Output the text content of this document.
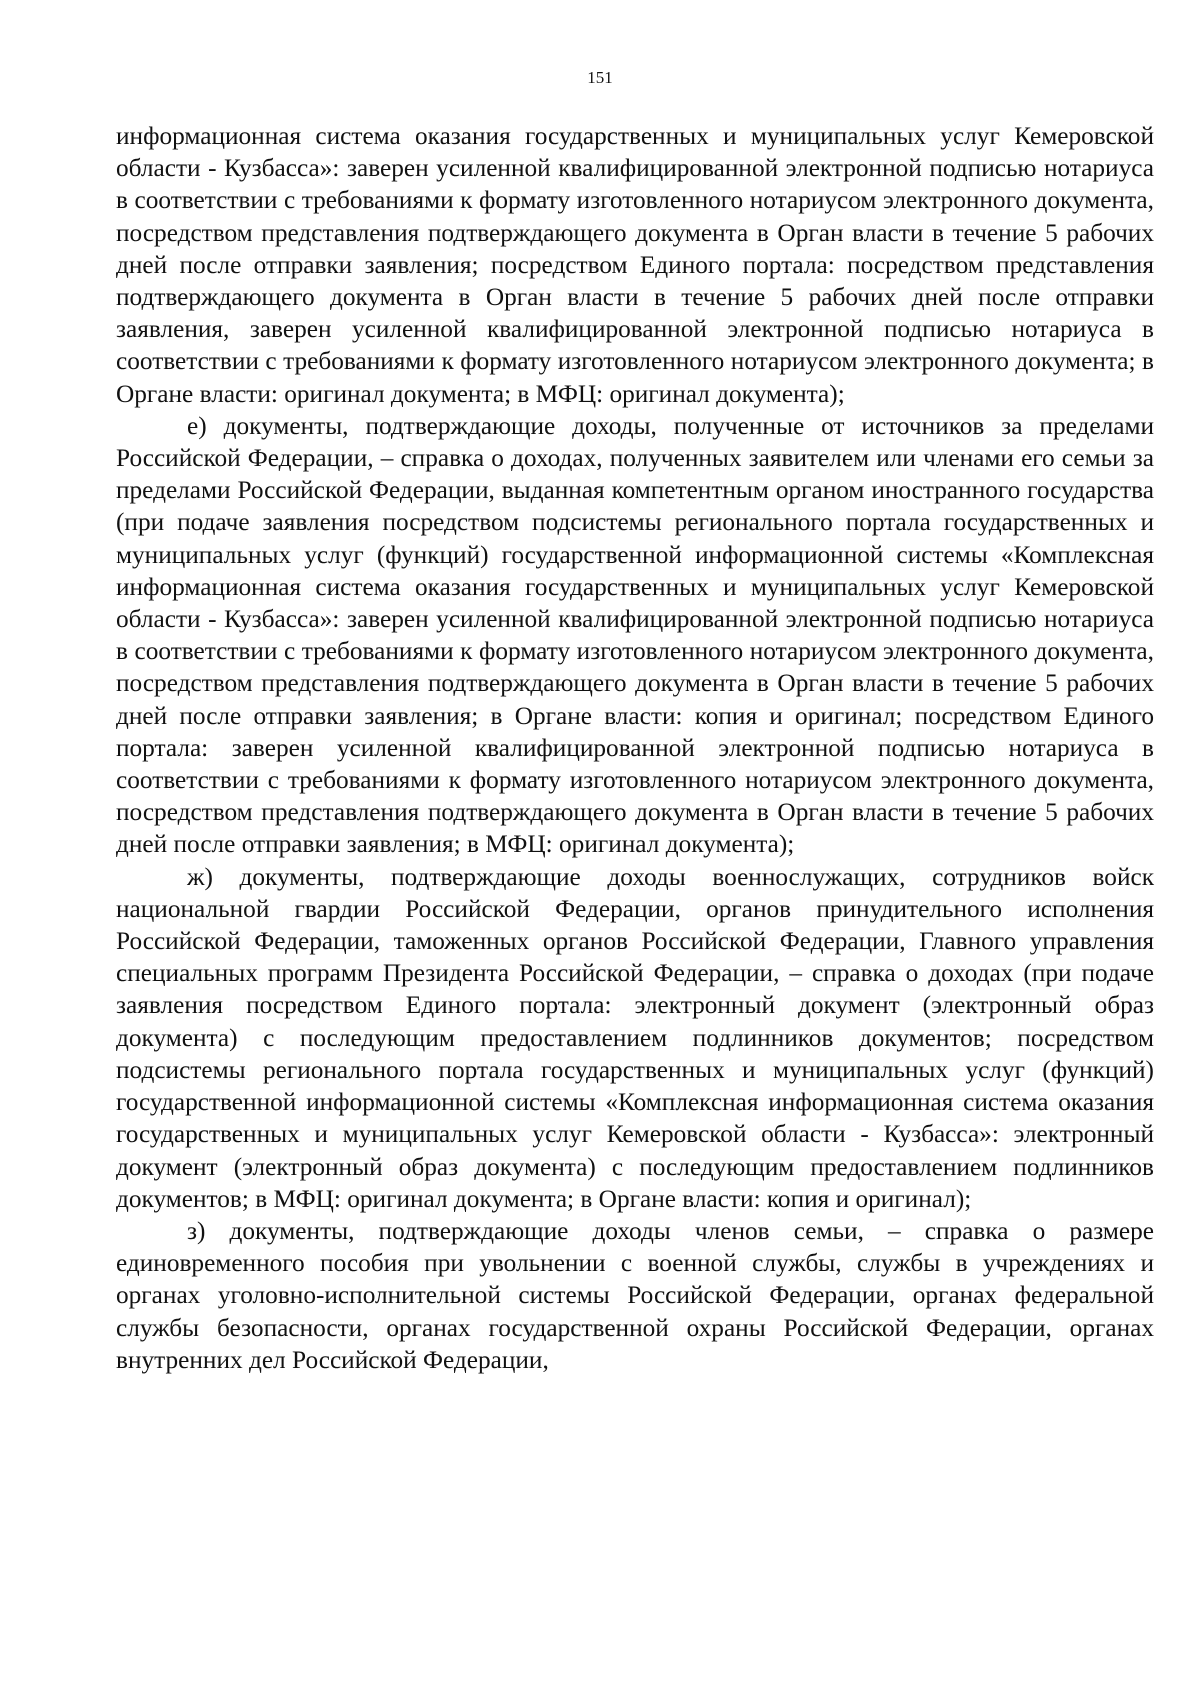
151

информационная система оказания государственных и муниципальных услуг Кемеровской области - Кузбасса»: заверен усиленной квалифицированной электронной подписью нотариуса в соответствии с требованиями к формату изготовленного нотариусом электронного документа, посредством представления подтверждающего документа в Орган власти в течение 5 рабочих дней после отправки заявления; посредством Единого портала: посредством представления подтверждающего документа в Орган власти в течение 5 рабочих дней после отправки заявления, заверен усиленной квалифицированной электронной подписью нотариуса в соответствии с требованиями к формату изготовленного нотариусом электронного документа; в Органе власти: оригинал документа; в МФЦ: оригинал документа);

е) документы, подтверждающие доходы, полученные от источников за пределами Российской Федерации, – справка о доходах, полученных заявителем или членами его семьи за пределами Российской Федерации, выданная компетентным органом иностранного государства (при подаче заявления посредством подсистемы регионального портала государственных и муниципальных услуг (функций) государственной информационной системы «Комплексная информационная система оказания государственных и муниципальных услуг Кемеровской области - Кузбасса»: заверен усиленной квалифицированной электронной подписью нотариуса в соответствии с требованиями к формату изготовленного нотариусом электронного документа, посредством представления подтверждающего документа в Орган власти в течение 5 рабочих дней после отправки заявления; в Органе власти: копия и оригинал; посредством Единого портала: заверен усиленной квалифицированной электронной подписью нотариуса в соответствии с требованиями к формату изготовленного нотариусом электронного документа, посредством представления подтверждающего документа в Орган власти в течение 5 рабочих дней после отправки заявления; в МФЦ: оригинал документа);

ж) документы, подтверждающие доходы военнослужащих, сотрудников войск национальной гвардии Российской Федерации, органов принудительного исполнения Российской Федерации, таможенных органов Российской Федерации, Главного управления специальных программ Президента Российской Федерации, – справка о доходах (при подаче заявления посредством Единого портала: электронный документ (электронный образ документа) с последующим предоставлением подлинников документов; посредством подсистемы регионального портала государственных и муниципальных услуг (функций) государственной информационной системы «Комплексная информационная система оказания государственных и муниципальных услуг Кемеровской области - Кузбасса»: электронный документ (электронный образ документа) с последующим предоставлением подлинников документов; в МФЦ: оригинал документа; в Органе власти: копия и оригинал);

з) документы, подтверждающие доходы членов семьи, – справка о размере единовременного пособия при увольнении с военной службы, службы в учреждениях и органах уголовно-исполнительной системы Российской Федерации, органах федеральной службы безопасности, органах государственной охраны Российской Федерации, органах внутренних дел Российской Федерации,
